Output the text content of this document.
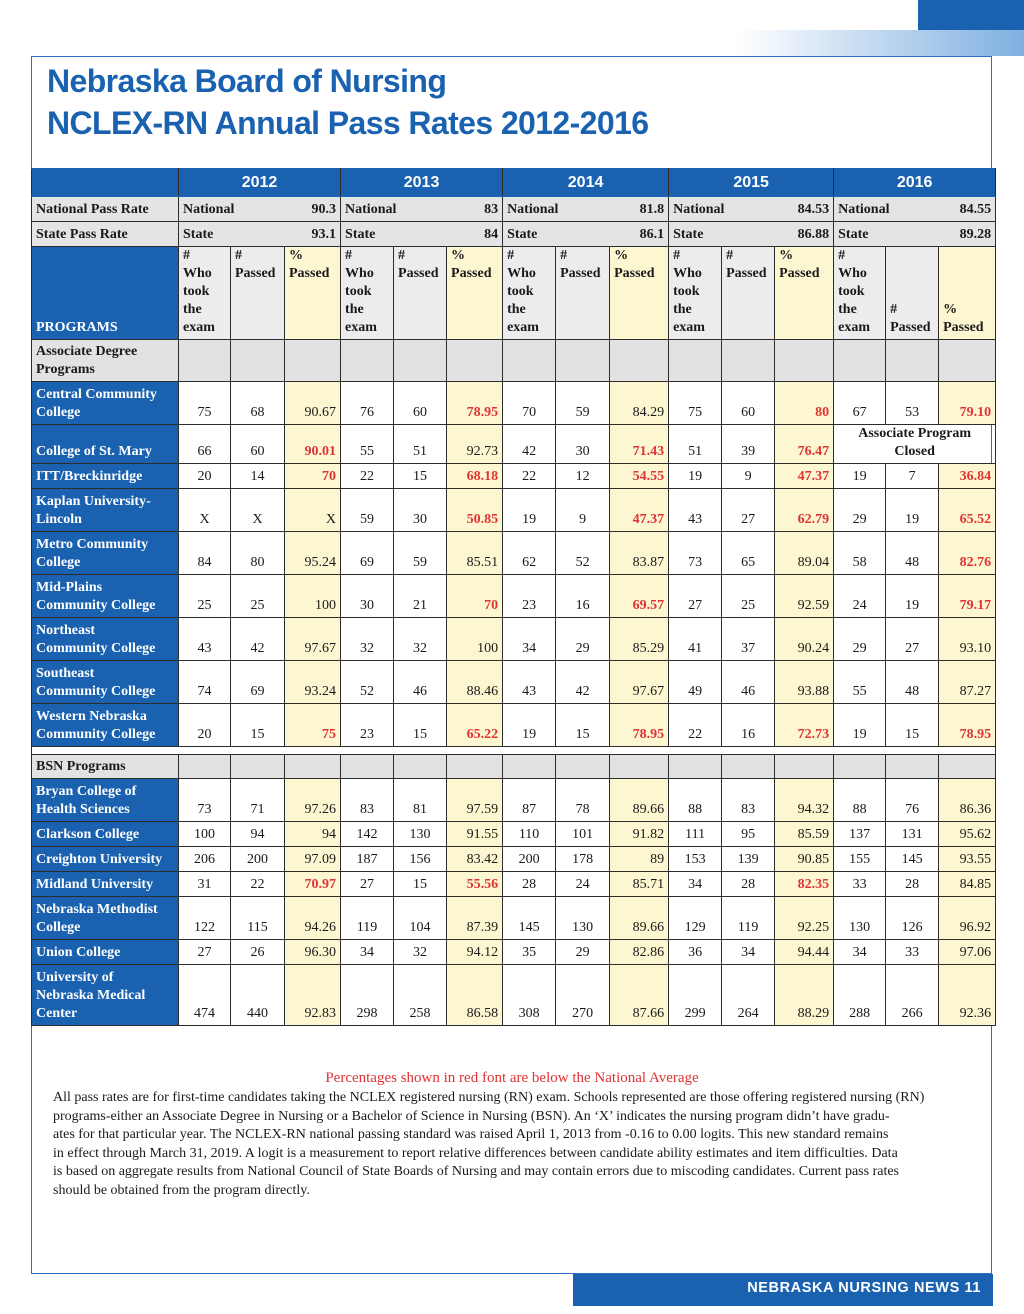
Nebraska Board of Nursing
NCLEX-RN Annual Pass Rates 2012-2016
	2012			2013			2014			2015			2016		
National Pass Rate	National 90.3			National 83			National 81.8			National 84.53			National 84.55		

State Pass Rate	State 93.1			State 84			State 86.1			State 86.88			State 89.28		

PROGRAMS	#
Who
took
the
exam	#
Passed	%
Passed	#
Who
took
the
exam	#
Passed	%
Passed	#
Who
took
the
exam	#
Passed	%
Passed	#
Who
took
the
exam	#
Passed	%
Passed	#
Who
took
the
exam	#
Passed	%
Passed
Associate Degree
Programs															
Central Community
College	75	68	90.67	76	60	78.95	70	59	84.29	75	60	80	67	53	79.10
College of St. Mary	66	60	90.01	55	51	92.73	42	30	71.43	51	39	76.47	Associate Program
Closed		
ITT/Breckinridge	20	14	70	22	15	68.18	22	12	54.55	19	9	47.37	19	7	36.84
Kaplan University-
Lincoln	X	X	X	59	30	50.85	19	9	47.37	43	27	62.79	29	19	65.52
Metro Community
College	84	80	95.24	69	59	85.51	62	52	83.87	73	65	89.04	58	48	82.76
Mid-Plains
Community College	25	25	100	30	21	70	23	16	69.57	27	25	92.59	24	19	79.17
Northeast
Community College	43	42	97.67	32	32	100	34	29	85.29	41	37	90.24	29	27	93.10
Southeast
Community College	74	69	93.24	52	46	88.46	43	42	97.67	49	46	93.88	55	48	87.27
Western Nebraska
Community College	20	15	75	23	15	65.22	19	15	78.95	22	16	72.73	19	15	78.95

BSN Programs															
Bryan College of
Health Sciences	73	71	97.26	83	81	97.59	87	78	89.66	88	83	94.32	88	76	86.36
Clarkson College	100	94	94	142	130	91.55	110	101	91.82	111	95	85.59	137	131	95.62
Creighton University	206	200	97.09	187	156	83.42	200	178	89	153	139	90.85	155	145	93.55
Midland University	31	22	70.97	27	15	55.56	28	24	85.71	34	28	82.35	33	28	84.85
Nebraska Methodist
College	122	115	94.26	119	104	87.39	145	130	89.66	129	119	92.25	130	126	96.92
Union College	27	26	96.30	34	32	94.12	35	29	82.86	36	34	94.44	34	33	97.06
University of
Nebraska Medical
Center	474	440	92.83	298	258	86.58	308	270	87.66	299	264	88.29	288	266	92.36
Percentages shown in red font are below the National Average
All pass rates are for first-time candidates taking the NCLEX registered nursing (RN) exam. Schools represented are those offering registered nursing (RN)
programs-either an Associate Degree in Nursing or a Bachelor of Science in Nursing (BSN). An ‘X’ indicates the nursing program didn’t have gradu-
ates for that particular year. The NCLEX-RN national passing standard was raised April 1, 2013 from -0.16 to 0.00 logits. This new standard remains
in effect through March 31, 2019. A logit is a measurement to report relative differences between candidate ability estimates and item difficulties. Data
is based on aggregate results from National Council of State Boards of Nursing and may contain errors due to miscoding candidates. Current pass rates
should be obtained from the program directly.
NEBRASKA NURSING NEWS 11
